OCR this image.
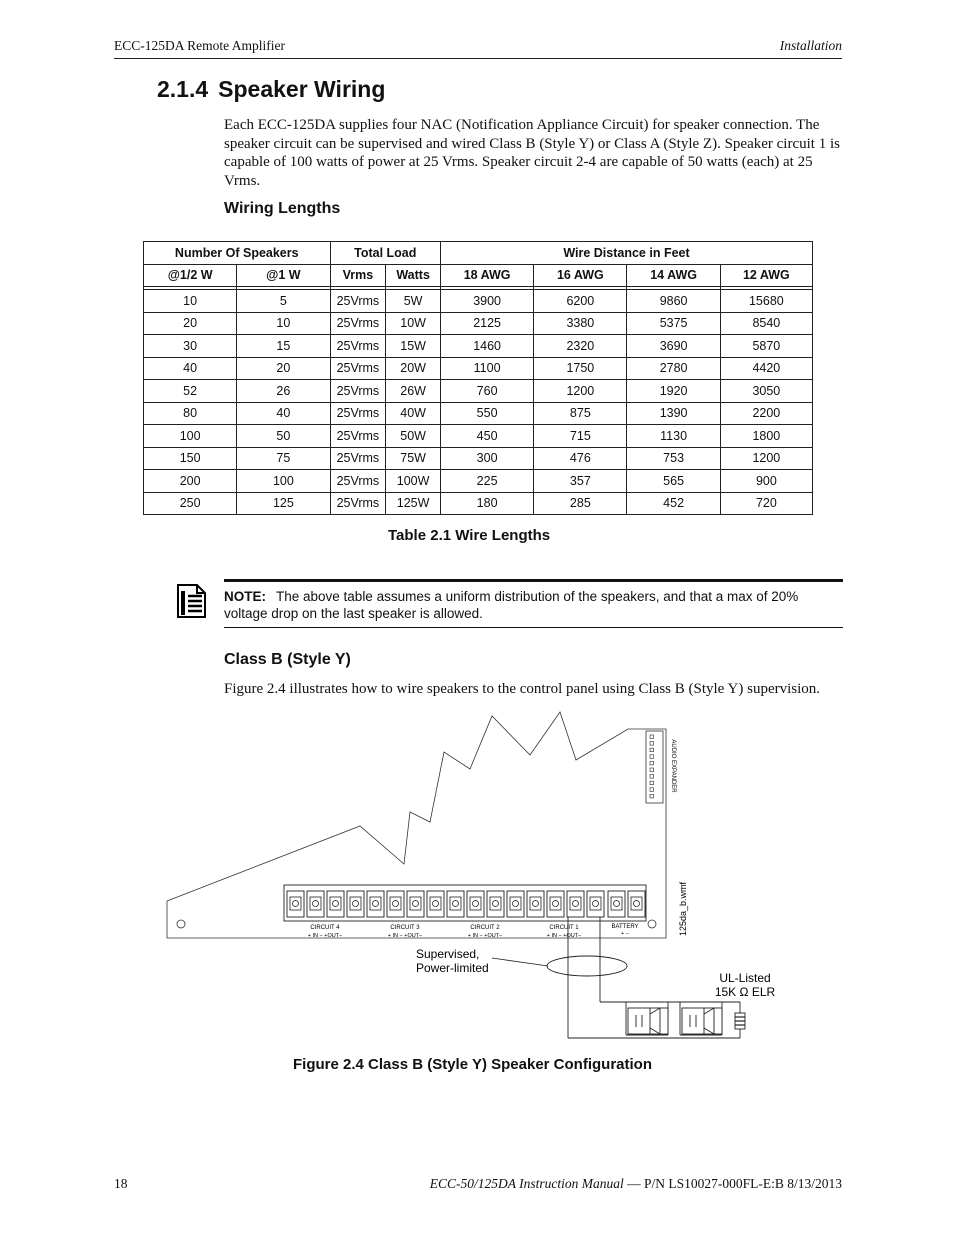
ECC-125DA Remote Amplifier	Installation
2.1.4 Speaker Wiring
Each ECC-125DA supplies four NAC (Notification Appliance Circuit) for speaker connection. The speaker circuit can be supervised and wired Class B (Style Y) or Class A (Style Z). Speaker circuit 1 is capable of 100 watts of power at 25 Vrms. Speaker circuit 2-4 are capable of 50 watts (each) at 25 Vrms.
Wiring Lengths
Number Of Speakers		Total Load		Wire Distance in Feet			
@1/2 W	@1 W	Vrms	Watts	18 AWG	16 AWG	14 AWG	12 AWG

10	5	25Vrms	5W	3900	6200	9860	15680
20	10	25Vrms	10W	2125	3380	5375	8540
30	15	25Vrms	15W	1460	2320	3690	5870
40	20	25Vrms	20W	1100	1750	2780	4420
52	26	25Vrms	26W	760	1200	1920	3050
80	40	25Vrms	40W	550	875	1390	2200
100	50	25Vrms	50W	450	715	1130	1800
150	75	25Vrms	75W	300	476	753	1200
200	100	25Vrms	100W	225	357	565	900
250	125	25Vrms	125W	180	285	452	720
Table 2.1 Wire Lengths
NOTE: The above table assumes a uniform distribution of the speakers, and that a max of 20% voltage drop on the last speaker is allowed.
Class B (Style Y)
Figure 2.4 illustrates how to wire speakers to the control panel using Class B (Style Y) supervision.
AUDIO EXPANDER
CIRCUIT 4	CIRCUIT 3	CIRCUIT 2	CIRCUIT 1
+ IN − +OUT−	+ IN − +OUT−	+ IN − +OUT−	+ IN − +OUT−
BATTERY
+ −	125da_b.wmf
Supervised,
Power-limited
UL-Listed
15K Ω ELR
Figure 2.4 Class B (Style Y) Speaker Configuration
18	ECC-50/125DA Instruction Manual — P/N LS10027-000FL-E:B 8/13/2013
